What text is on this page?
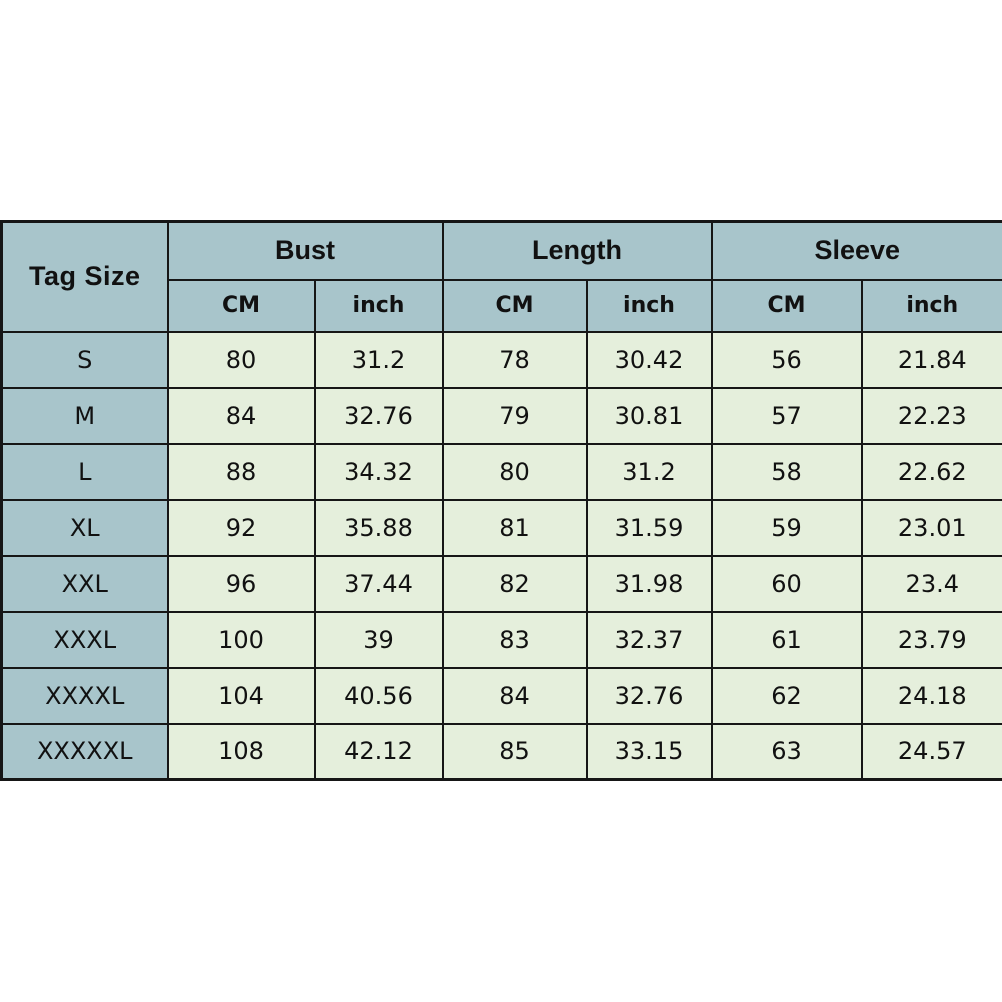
Tag Size	Bust		Length		Sleeve	
	CM	inch	CM	inch	CM	inch
S	80	31.2	78	30.42	56	21.84
M	84	32.76	79	30.81	57	22.23
L	88	34.32	80	31.2	58	22.62
XL	92	35.88	81	31.59	59	23.01
XXL	96	37.44	82	31.98	60	23.4
XXXL	100	39	83	32.37	61	23.79
XXXXL	104	40.56	84	32.76	62	24.18
XXXXXL	108	42.12	85	33.15	63	24.57
